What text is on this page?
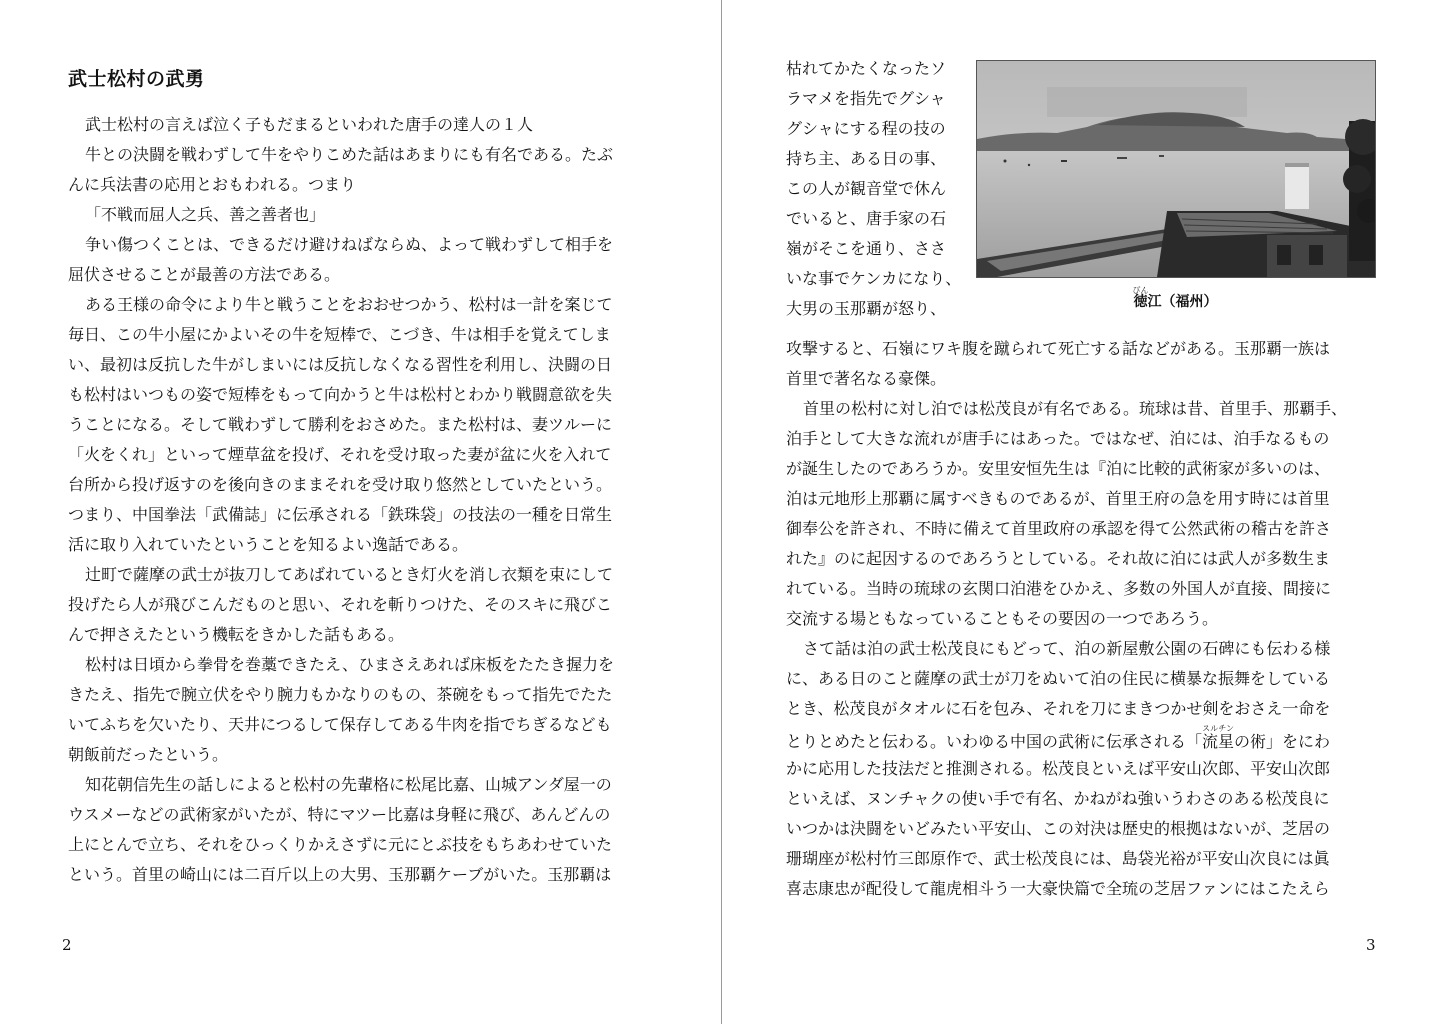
武士松村の武勇
武士松村の言えば泣く子もだまるといわれた唐手の達人の１人
牛との決闘を戦わずして牛をやりこめた話はあまりにも有名である。たぶ
んに兵法書の応用とおもわれる。つまり
「不戦而屈人之兵、善之善者也」
争い傷つくことは、できるだけ避けねばならぬ、よって戦わずして相手を
屈伏させることが最善の方法である。
ある王様の命令により牛と戦うことをおおせつかう、松村は一計を案じて
毎日、この牛小屋にかよいその牛を短棒で、こづき、牛は相手を覚えてしま
い、最初は反抗した牛がしまいには反抗しなくなる習性を利用し、決闘の日
も松村はいつもの姿で短棒をもって向かうと牛は松村とわかり戦闘意欲を失
うことになる。そして戦わずして勝利をおさめた。また松村は、妻ツルーに
「火をくれ」といって煙草盆を投げ、それを受け取った妻が盆に火を入れて
台所から投げ返すのを後向きのままそれを受け取り悠然としていたという。
つまり、中国拳法「武備誌」に伝承される「鉄珠袋」の技法の一種を日常生
活に取り入れていたということを知るよい逸話である。
辻町で薩摩の武士が抜刀してあばれているとき灯火を消し衣類を束にして
投げたら人が飛びこんだものと思い、それを斬りつけた、そのスキに飛びこ
んで押さえたという機転をきかした話もある。
松村は日頃から拳骨を巻藁できたえ、ひまさえあれば床板をたたき握力を
きたえ、指先で腕立伏をやり腕力もかなりのもの、茶碗をもって指先でたた
いてふちを欠いたり、天井につるして保存してある牛肉を指でちぎるなども
朝飯前だったという。
知花朝信先生の話しによると松村の先輩格に松尾比嘉、山城アンダ屋一の
ウスメーなどの武術家がいたが、特にマツー比嘉は身軽に飛び、あんどんの
上にとんで立ち、それをひっくりかえさずに元にとぶ技をもちあわせていた
という。首里の崎山には二百斤以上の大男、玉那覇ケーブがいた。玉那覇は
2
枯れてかたくなったソ
ラマメを指先でグシャ
グシャにする程の技の
持ち主、ある日の事、
この人が観音堂で休ん
でいると、唐手家の石
嶺がそこを通り、ささ
いな事でケンカになり、
大男の玉那覇が怒り、	徳びん江（福州）
攻撃すると、石嶺にワキ腹を蹴られて死亡する話などがある。玉那覇一族は
首里で著名なる豪傑。
首里の松村に対し泊では松茂良が有名である。琉球は昔、首里手、那覇手、
泊手として大きな流れが唐手にはあった。ではなぜ、泊には、泊手なるもの
が誕生したのであろうか。安里安恒先生は『泊に比較的武術家が多いのは、
泊は元地形上那覇に属すべきものであるが、首里王府の急を用す時には首里
御奉公を許され、不時に備えて首里政府の承認を得て公然武術の稽古を許さ
れた』のに起因するのであろうとしている。それ故に泊には武人が多数生ま
れている。当時の琉球の玄関口泊港をひかえ、多数の外国人が直接、間接に
交流する場ともなっていることもその要因の一つであろう。
さて話は泊の武士松茂良にもどって、泊の新屋敷公園の石碑にも伝わる様
に、ある日のこと薩摩の武士が刀をぬいて泊の住民に横暴な振舞をしている
とき、松茂良がタオルに石を包み、それを刀にまきつかせ剣をおさえ一命を
とりとめたと伝わる。いわゆる中国の武術に伝承される「流星スルチンの術」をにわ
かに応用した技法だと推測される。松茂良といえば平安山次郎、平安山次郎
といえば、ヌンチャクの使い手で有名、かねがね強いうわさのある松茂良に
いつかは決闘をいどみたい平安山、この対決は歴史的根拠はないが、芝居の
珊瑚座が松村竹三郎原作で、武士松茂良には、島袋光裕が平安山次良には眞
喜志康忠が配役して龍虎相斗う一大豪快篇で全琉の芝居ファンにはこたえら
3
